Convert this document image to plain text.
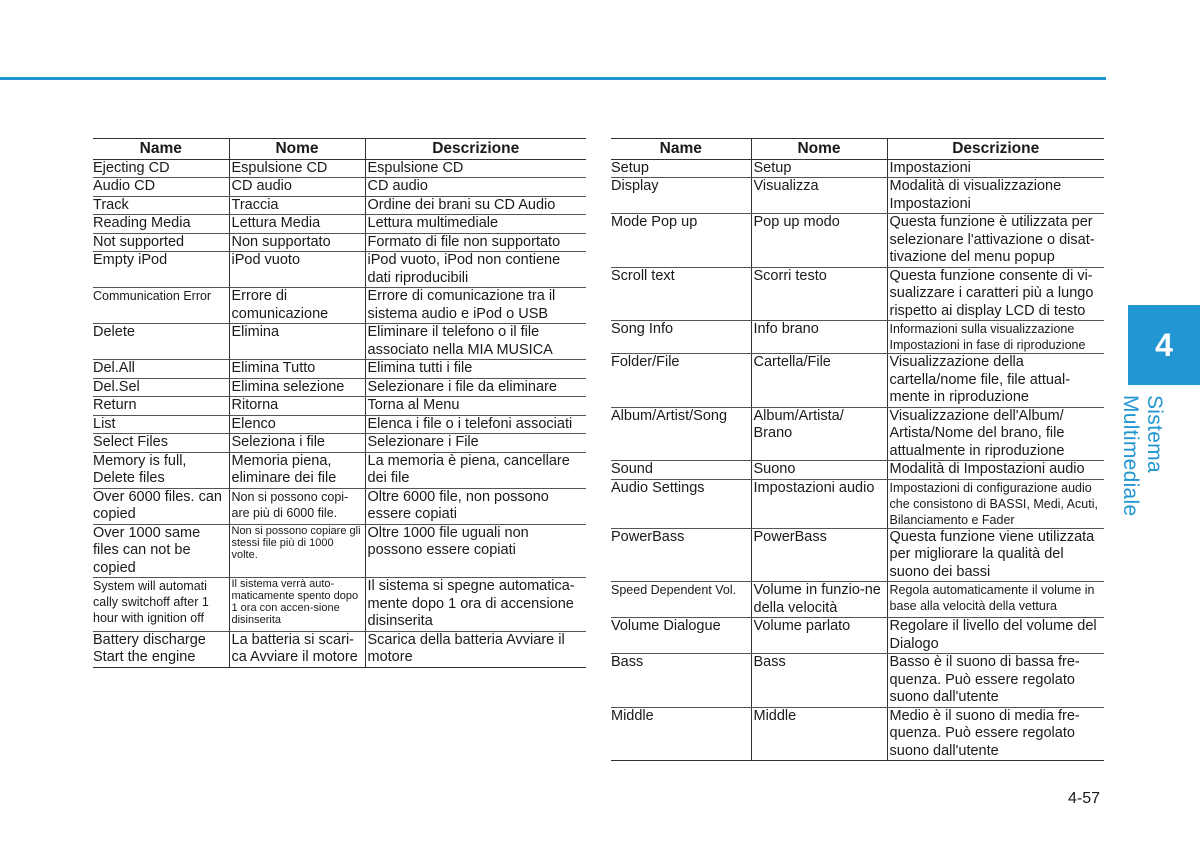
Name	Nome	Descrizione
Ejecting CD	Espulsione CD	Espulsione CD
Audio CD	CD audio	CD audio
Track	Traccia	Ordine dei brani su CD Audio
Reading Media	Lettura Media	Lettura multimediale
Not supported	Non supportato	Formato di file non supportato
Empty iPod	iPod vuoto	iPod vuoto, iPod non contiene dati riproducibili
Communication Error	Errore di comunicazione	Errore di comunicazione tra il sistema audio e iPod o USB
Delete	Elimina	Eliminare il telefono o il file associato nella MIA MUSICA
Del.All	Elimina Tutto	Elimina tutti i file
Del.Sel	Elimina selezione	Selezionare i file da eliminare
Return	Ritorna	Torna al Menu
List	Elenco	Elenca i file o i telefoni associati
Select Files	Seleziona i file	Selezionare i File
Memory is full, Delete files	Memoria piena, eliminare dei file	La memoria è piena, cancellare dei file
Over 6000 files. can copied	Non si possono copi-are più di 6000 file.	Oltre 6000 file, non possono essere copiati
Over 1000 same files can not be copied	Non si possono copiare gli stessi file più di 1000 volte.	Oltre 1000 file uguali non possono essere copiati
System will automati cally switchoff after 1 hour with ignition off	Il sistema verrà auto-maticamente spento dopo 1 ora con accen-sione disinserita	Il sistema si spegne automatica-mente dopo 1 ora di accensione disinserita
Battery discharge Start the engine	La batteria si scari-ca Avviare il motore	Scarica della batteria Avviare il motore
Name	Nome	Descrizione
Setup	Setup	Impostazioni
Display	Visualizza	Modalità di visualizzazione Impostazioni
Mode Pop up	Pop up modo	Questa funzione è utilizzata per selezionare l'attivazione o disat-tivazione del menu popup
Scroll text	Scorri testo	Questa funzione consente di vi-sualizzare i caratteri più a lungo rispetto ai display LCD di testo
Song Info	Info brano	Informazioni sulla visualizzazione Impostazioni in fase di riproduzione
Folder/File	Cartella/File	Visualizzazione della cartella/nome file, file attual-mente in riproduzione
Album/Artist/Song	Album/Artista/ Brano	Visualizzazione dell'Album/ Artista/Nome del brano, file attualmente in riproduzione
Sound	Suono	Modalità di Impostazioni audio
Audio Settings	Impostazioni audio	Impostazioni di configurazione audio che consistono di BASSI, Medi, Acuti, Bilanciamento e Fader
PowerBass	PowerBass	Questa funzione viene utilizzata per migliorare la qualità del suono dei bassi
Speed Dependent Vol.	Volume in funzio-ne della velocità	Regola automaticamente il volume in base alla velocità della vettura
Volume Dialogue	Volume parlato	Regolare il livello del volume del Dialogo
Bass	Bass	Basso è il suono di bassa fre-quenza. Può essere regolato suono dall'utente
Middle	Middle	Medio è il suono di media fre-quenza. Può essere regolato suono dall'utente
4
Sistema Multimediale
4-57
